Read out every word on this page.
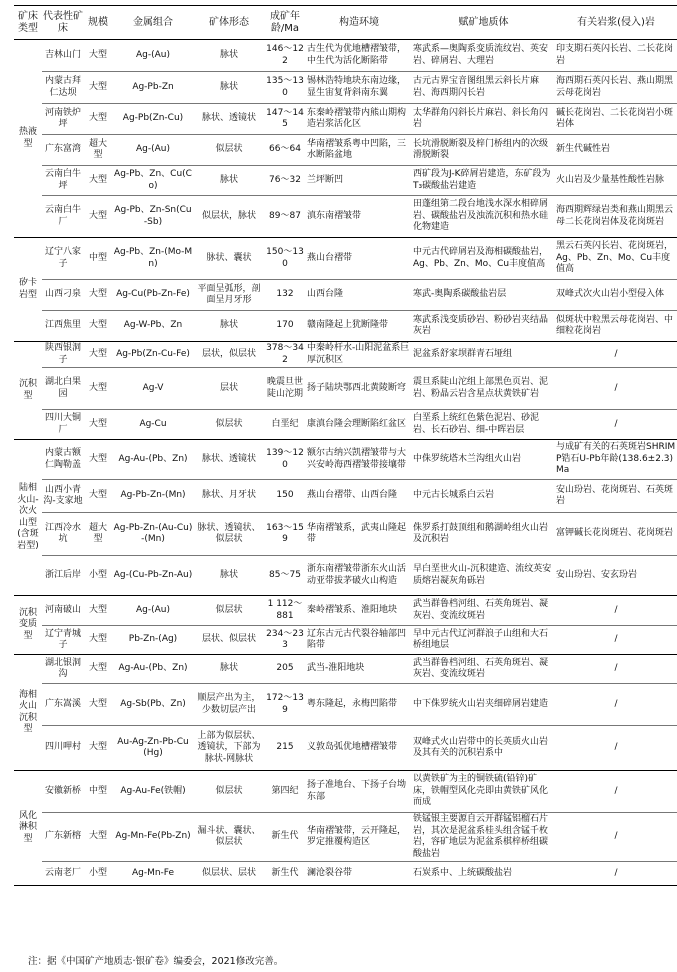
矿床类型	代表性矿床	规模	金属组合	矿体形态	成矿年龄/Ma	构造环境	赋矿地质体	有关岩浆(侵入)岩
热液型	吉林山门	大型	Ag-(Au)	脉状	146～122	古生代为优地槽褶皱带，中生代为活化断陷带	寒武系—奥陶系变质流纹岩、英安岩、碎屑岩、大理岩	印支期石英闪长岩、二长花岗岩
	内蒙古拜仁达坝	大型	Ag-Pb-Zn	脉状	135～130	锡林浩特地块东南边缘，显生宙复背斜南东翼	古元古界宝音图组黑云斜长片麻岩、海西期闪长岩	海西期石英闪长岩、燕山期黑云母花岗岩
	河南铁炉坪	大型	Ag-Pb(Zn-Cu)	脉状、透镜状	147～145	东秦岭褶皱带内熊山期构造岩浆活化区	太华群角闪斜长片麻岩、斜长角闪岩	碱长花岗岩、二长花岗岩小斑岩体
	广东富湾	超大型	Ag-(Au)	似层状	66～64	华南褶皱系粤中凹陷，三水断陷盆地	长坑滑脱断裂及梓门桥组内的次级滑脱断裂	新生代碱性岩
	云南白牛坪	大型	Ag-Pb、Zn、Cu(Co)	脉状	76～32	兰坪断凹	西矿段为J-K碎屑岩建造，东矿段为T₃碳酸盐岩建造	火山岩及少量基性酸性岩脉
	云南白牛厂	大型	Ag-Pb、Zn-Sn(Cu-Sb)	似层状，脉状	89～87	滇东南褶皱带	田蓬组第二段台地浅水深水相碎屑岩、碳酸盐岩及浊流沉积和热水硅化物建造	海西期辉绿岩类和燕山期黑云母二长花岗岩体及花岗斑岩
矽卡岩型	辽宁八家子	中型	Ag-Pb、Zn-(Mo-Mn)	脉状、囊状	150～130	燕山台褶带	中元古代碎屑岩及海相碳酸盐岩，Ag、Pb、Zn、Mo、Cu丰度值高	黑云石英闪长岩、花岗斑岩，Ag、Pb、Zn、Mo、Cu丰度值高
	山西刁泉	大型	Ag-Cu(Pb-Zn-Fe)	平面呈弧形，剖面呈月牙形	132	山西台隆	寒武-奥陶系碳酸盐岩层	双峰式次火山岩小型侵入体
	江西焦里	大型	Ag-W-Pb、Zn	脉状	170	赣南隆起上犹断隆带	寒武系浅变质砂岩、粉砂岩夹结晶灰岩	似斑状中粒黑云母花岗岩、中细粒花岗岩
沉积型	陕西银洞子	大型	Ag-Pb(Zn-Cu-Fe)	层状，似层状	378～342	中秦岭杆水-山阳泥盆系巨厚沉积区	泥盆系舒家坝群青石垭组	/
	湖北白果园	大型	Ag-V	层状	晚震旦世陡山沱期	扬子陆块鄂西北黄陵断穹	震旦系陡山沱组上部黑色页岩、泥岩、粉晶云岩含星点状黄铁矿岩	/
	四川大铜厂	大型	Ag-Cu	似层状	白垩纪	康滇台隆会理断陷红盆区	白垩系上统红色紫色泥岩、砂泥岩、长石砂岩、细-中晖岩层	/
陆相火山-次火山型(含斑岩型)	内蒙古额仁陶勒盖	大型	Ag-Au-(Pb、Zn)	脉状、透镜状	139～120	额尔古纳兴凯褶皱带与大兴安岭海西褶皱带接壤带	中侏罗统塔木兰沟组火山岩	与成矿有关的石英斑岩SHRIMP锆石U-Pb年龄(138.6±2.3) Ma
	山西小青沟-支家地	大型	Ag-Pb-Zn-(Mn)	脉状、月牙状	150	燕山台褶带、山西台隆	中元古长城系白云岩	安山玢岩、花岗斑岩、石英斑岩
	江西冷水坑	超大型	Ag-Pb-Zn-(Au-Cu)-(Mn)	脉状、透镜状、似层状	163～159	华南褶皱系，武夷山隆起带	侏罗系打鼓顶组和鹅湖岭组火山岩及沉积岩	富钾碱长花岗斑岩、花岗斑岩
	浙江后岸	小型	Ag-(Cu-Pb-Zn-Au)	脉状	85～75	浙东南褶皱带浙东火山活动亚带拔茅破火山构造	早白垩世火山-沉积建造、流纹英安质熔岩凝灰角砾岩	安山玢岩、安玄玢岩
沉积变质型	河南破山	大型	Ag-(Au)	似层状	1 112～881	秦岭褶皱系、淮阳地块	武当群鲁档河组、石英角斑岩、凝灰岩、变流纹斑岩	/
	辽宁青城子	大型	Pb-Zn-(Ag)	层状、似层状	234～233	辽东古元古代裂谷轴部凹陷带	早中元古代辽河群浪子山组和大石桥组地层	/
海相火山沉积型	湖北银洞沟	大型	Ag-Au-(Pb、Zn)	脉状	205	武当-淮阳地块	武当群鲁档河组、石英角斑岩、凝灰岩、变流纹斑岩	/
	广东嵩溪	大型	Ag-Sb(Pb、Zn)	顺层产出为主，少数切层产出	172～139	粤东隆起，永梅凹陷带	中下侏罗统火山岩夹细碎屑岩建造	/
	四川呷村	大型	Au-Ag-Zn-Pb-Cu(Hg)	上部为似层状、透镜状，下部为脉状-网脉状	215	义敦岛弧优地槽褶皱带	双峰式火山岩带中的长英质火山岩及其有关的沉积岩系中	/
风化淋积型	安徽新桥	中型	Ag-Au-Fe(铁帽)	似层状	第四纪	扬子准地台、下扬子台坳东部	以黄铁矿为主的铜铁硫(铅锌)矿床，铁帽型风化壳即由黄铁矿风化而成	/
	广东新榕	大型	Ag-Mn-Fe(Pb-Zn)	漏斗状、囊状、似层状	新生代	华南褶皱带，云开隆起，罗定推覆构造区	铁锰银主要源自云开群锰铝榴石片岩，其次是泥盆系桂头组含锰千枚岩，容矿地层为泥盆系棋梓桥组碳酸盐岩	/
	云南老厂	小型	Ag-Mn-Fe	似层状、层状	新生代	澜沧裂谷带	石炭系中、上统碳酸盐岩	/
注：据《中国矿产地质志·银矿卷》编委会，2021修改完善。
